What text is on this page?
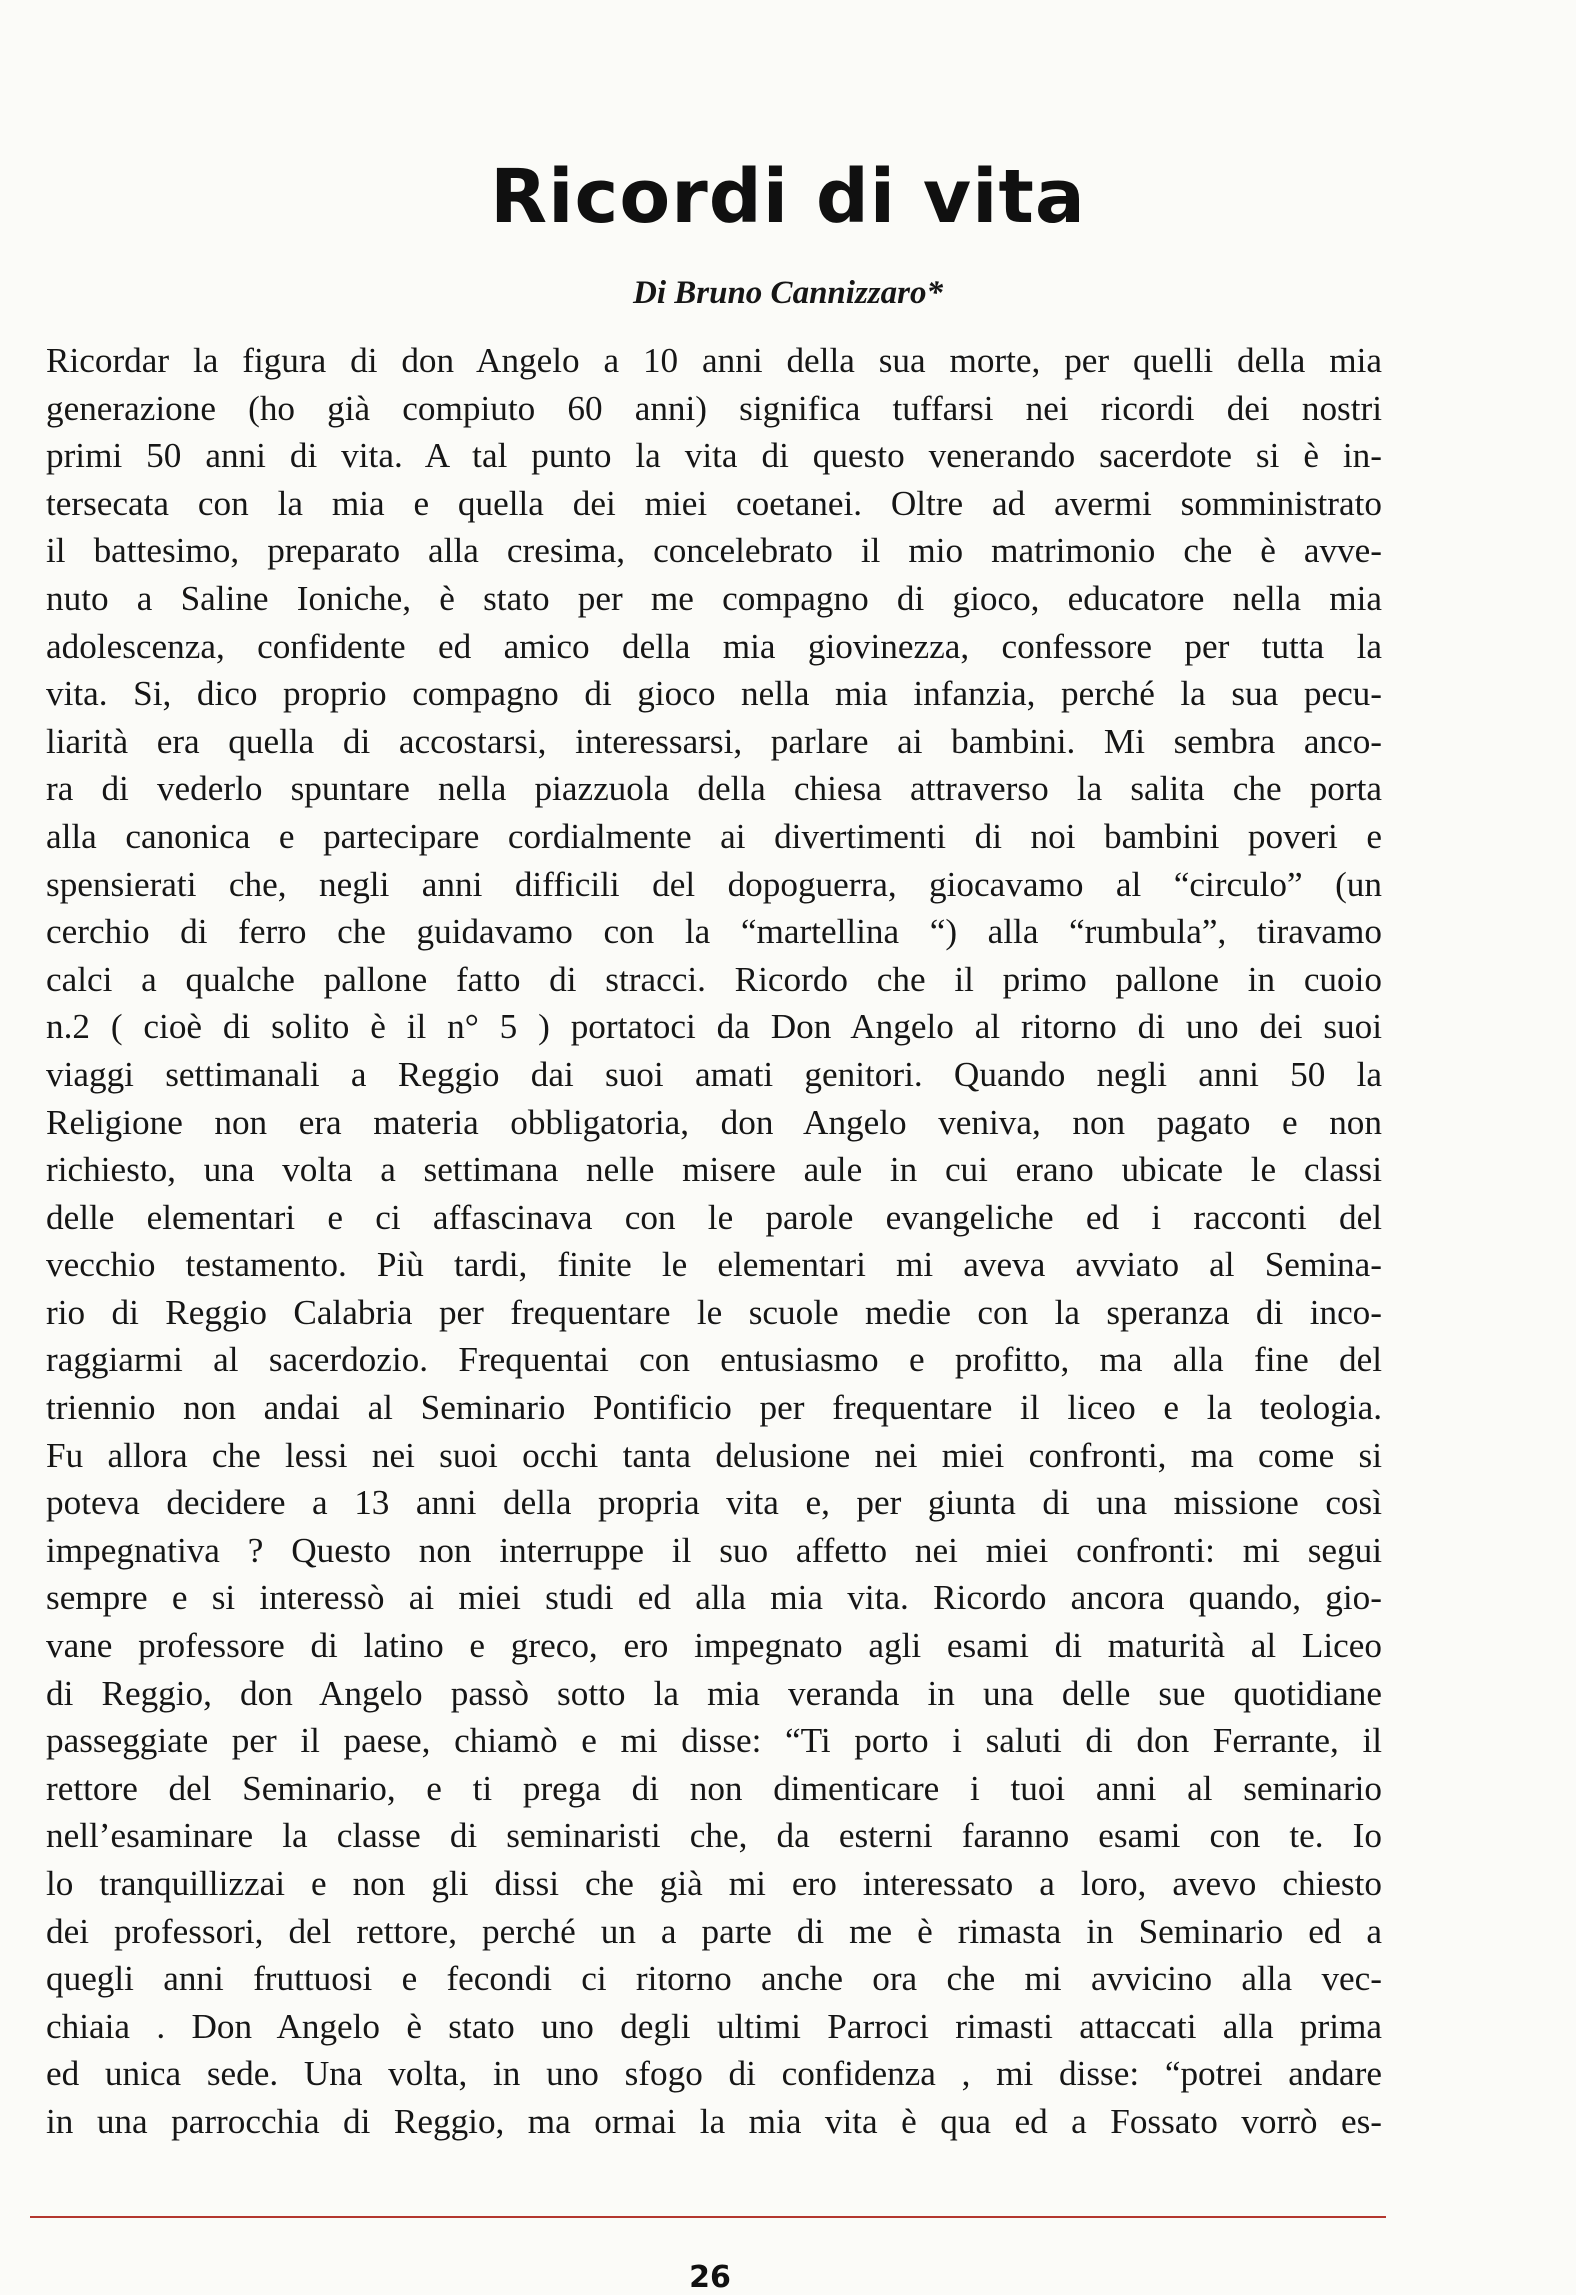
Ricordi di vita
Di Bruno Cannizzaro*
Ricordar la figura di don Angelo a 10 anni della sua morte, per quelli della mia
generazione (ho già compiuto 60 anni) significa tuffarsi nei ricordi dei nostri
primi 50 anni di vita. A tal punto la vita di questo venerando sacerdote si è in-
tersecata con la mia e quella dei miei coetanei. Oltre ad avermi somministrato
il battesimo, preparato alla cresima, concelebrato il mio matrimonio che è avve-
nuto a Saline Ioniche, è stato per me compagno di gioco, educatore nella mia
adolescenza, confidente ed amico della mia giovinezza, confessore per tutta la
vita. Si, dico proprio compagno di gioco nella mia infanzia, perché la sua pecu-
liarità era quella di accostarsi, interessarsi, parlare ai bambini. Mi sembra anco-
ra di vederlo spuntare nella piazzuola della chiesa attraverso la salita che porta
alla canonica e partecipare cordialmente ai divertimenti di noi bambini poveri e
spensierati che, negli anni difficili del dopoguerra, giocavamo al “circulo” (un
cerchio di ferro che guidavamo con la “martellina “) alla “rumbula”, tiravamo
calci a qualche pallone fatto di stracci. Ricordo che il primo pallone in cuoio
n.2 ( cioè di solito è il n° 5 ) portatoci da Don Angelo al ritorno di uno dei suoi
viaggi settimanali a Reggio dai suoi amati genitori. Quando negli anni 50 la
Religione non era materia obbligatoria, don Angelo veniva, non pagato e non
richiesto, una volta a settimana nelle misere aule in cui erano ubicate le classi
delle elementari e ci affascinava con le parole evangeliche ed i racconti del
vecchio testamento. Più tardi, finite le elementari mi aveva avviato al Semina-
rio di Reggio Calabria per frequentare le scuole medie con la speranza di inco-
raggiarmi al sacerdozio. Frequentai con entusiasmo e profitto, ma alla fine del
triennio non andai al Seminario Pontificio per frequentare il liceo e la teologia.
Fu allora che lessi nei suoi occhi tanta delusione nei miei confronti, ma come si
poteva decidere a 13 anni della propria vita e, per giunta di una missione così
impegnativa ? Questo non interruppe il suo affetto nei miei confronti: mi segui
sempre e si interessò ai miei studi ed alla mia vita. Ricordo ancora quando, gio-
vane professore di latino e greco, ero impegnato agli esami di maturità al Liceo
di Reggio, don Angelo passò sotto la mia veranda in una delle sue quotidiane
passeggiate per il paese, chiamò e mi disse: “Ti porto i saluti di don Ferrante, il
rettore del Seminario, e ti prega di non dimenticare i tuoi anni al seminario
nell’esaminare la classe di seminaristi che, da esterni faranno esami con te. Io
lo tranquillizzai e non gli dissi che già mi ero interessato a loro, avevo chiesto
dei professori, del rettore, perché un a parte di me è rimasta in Seminario ed a
quegli anni fruttuosi e fecondi ci ritorno anche ora che mi avvicino alla vec-
chiaia . Don Angelo è stato uno degli ultimi Parroci rimasti attaccati alla prima
ed unica sede. Una volta, in uno sfogo di confidenza , mi disse: “potrei andare
in una parrocchia di Reggio, ma ormai la mia vita è qua ed a Fossato vorrò es-
26
